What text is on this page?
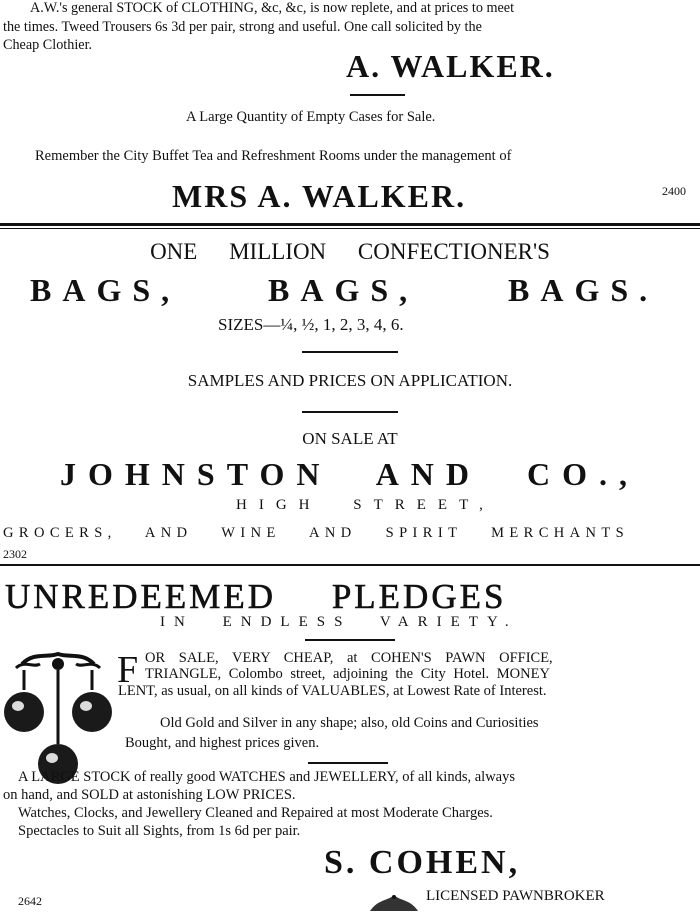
A.W.'s general STOCK of CLOTHING, &c, &c, is now replete, and at prices to meet
the times. Tweed Trousers 6s 3d per pair, strong and useful. One call solicited by the
Cheap Clothier.
A. WALKER.
A Large Quantity of Empty Cases for Sale.
Remember the City Buffet Tea and Refreshment Rooms under the management of
MRS A. WALKER.	2400
ONE MILLION CONFECTIONER'S
BAGS,	BAGS,	BAGS.
SIZES—¼, ½, 1, 2, 3, 4, 6.
SAMPLES AND PRICES ON APPLICATION.
ON SALE AT
JOHNSTON AND CO.,
HIGH STREET,
GROCERS, AND WINE AND SPIRIT MERCHANTS
2302
UNREDEEMED PLEDGES
IN ENDLESS VARIETY.
F OR SALE, VERY CHEAP, at COHEN'S PAWN OFFICE,
TRIANGLE, Colombo street, adjoining the City Hotel. MONEY
LENT, as usual, on all kinds of VALUABLES, at Lowest Rate of Interest.
Old Gold and Silver in any shape; also, old Coins and Curiosities
Bought, and highest prices given.
A LARGE STOCK of really good WATCHES and JEWELLERY, of all kinds, always
on hand, and SOLD at astonishing LOW PRICES.
Watches, Clocks, and Jewellery Cleaned and Repaired at most Moderate Charges.
Spectacles to Suit all Sights, from 1s 6d per pair.
S. COHEN,
LICENSED PAWNBROKER
2642
